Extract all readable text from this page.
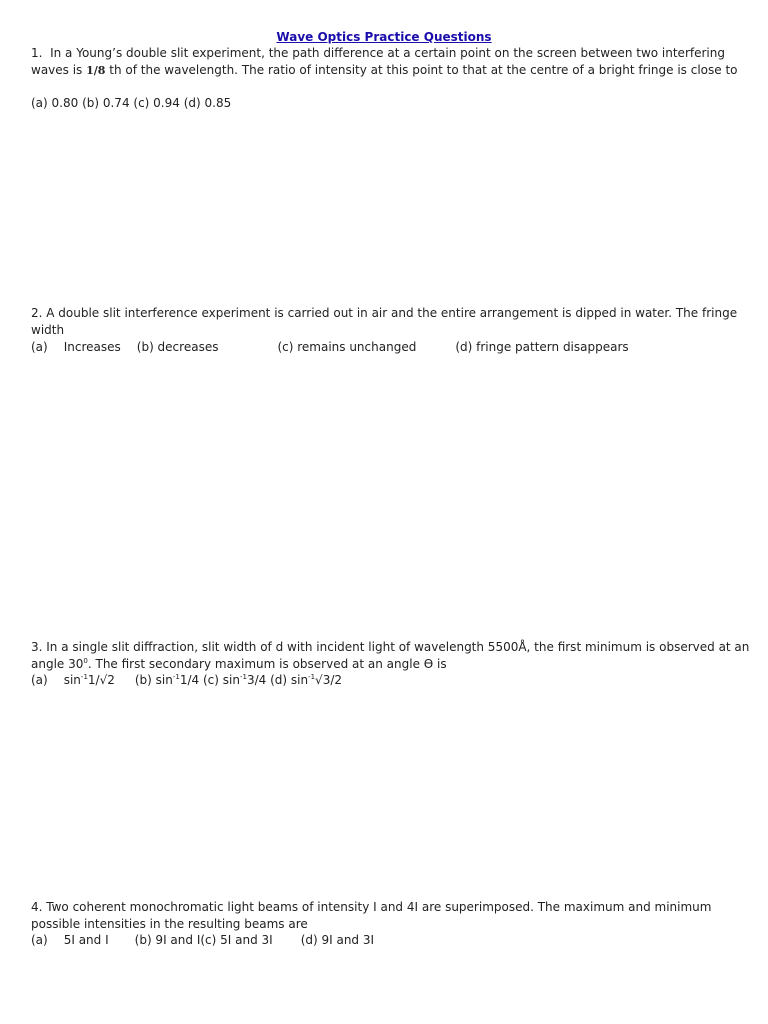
Wave Optics Practice Questions
1. In a Young’s double slit experiment, the path difference at a certain point on the screen between two interfering
waves is 1/8 th of the wavelength. The ratio of intensity at this point to that at the centre of a bright fringe is close to
(a) 0.80 (b) 0.74 (c) 0.94 (d) 0.85
2. A double slit interference experiment is carried out in air and the entire arrangement is dipped in water. The fringe
width
(a) Increases (b) decreases	(c) remains unchanged	(d) fringe pattern disappears
3. In a single slit diffraction, slit width of d with incident light of wavelength 5500Å, the first minimum is observed at an
angle $30^0$. The first secondary maximum is observed at an angle ϴ is
(a) $\sin^{-1}1/√2$ (b) $\sin^{-1}1/4$ (c) $\sin^{-1}3/4$ (d) $\sin^{-1}√3/2$
4. Two coherent monochromatic light beams of intensity I and 4I are superimposed. The maximum and minimum
possible intensities in the resulting beams are
(a) 5I and I (b) 9I and I(c) 5I and 3I (d) 9I and 3I
